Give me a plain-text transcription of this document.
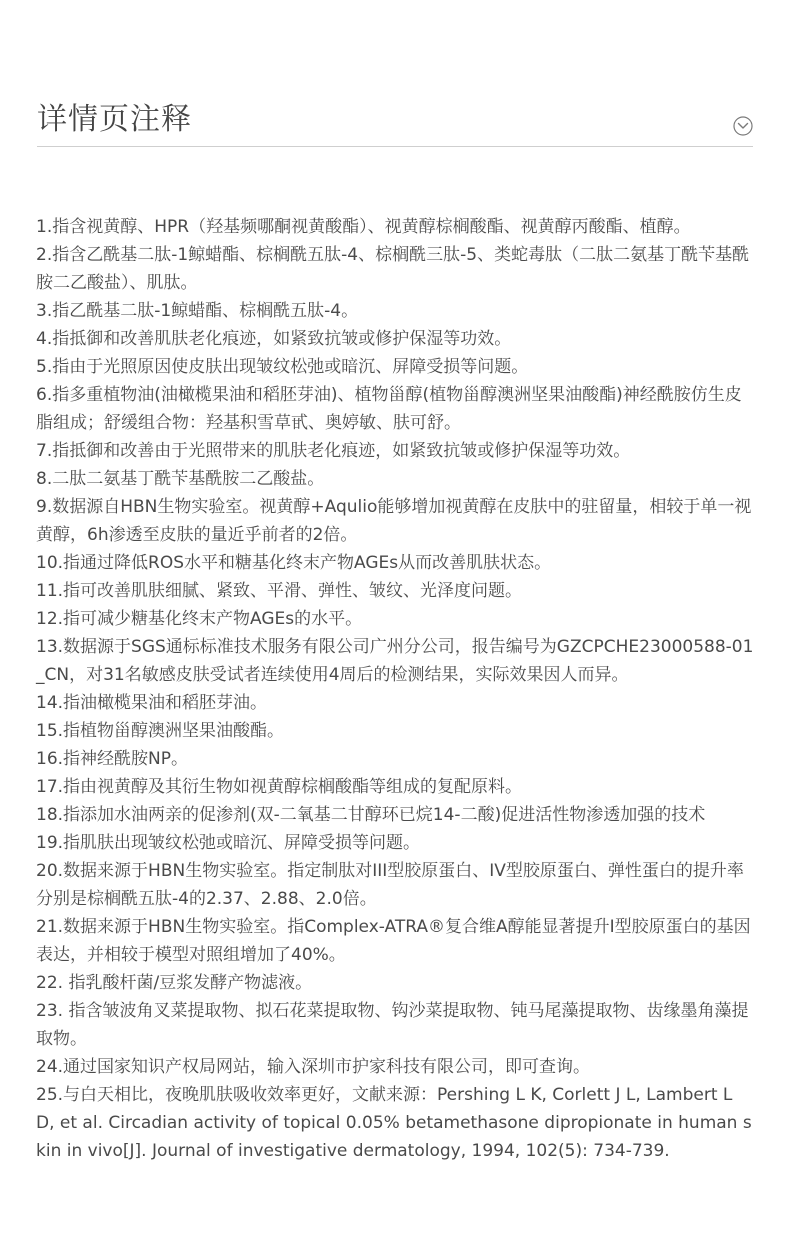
详情页注释
1.指含视黄醇、HPR（羟基频哪酮视黄酸酯）、视黄醇棕榈酸酯、视黄醇丙酸酯、植醇。
2.指含乙酰基二肽-1鲸蜡酯、棕榈酰五肽-4、棕榈酰三肽-5、类蛇毒肽（二肽二氨基丁酰苄基酰胺二乙酸盐）、肌肽。
3.指乙酰基二肽-1鲸蜡酯、棕榈酰五肽-4。
4.指抵御和改善肌肤老化痕迹，如紧致抗皱或修护保湿等功效。
5.指由于光照原因使皮肤出现皱纹松弛或暗沉、屏障受损等问题。
6.指多重植物油(油橄榄果油和稻胚芽油)、植物甾醇(植物甾醇澳洲坚果油酸酯)神经酰胺仿生皮脂组成；舒缓组合物：羟基积雪草甙、奥婷敏、肤可舒。
7.指抵御和改善由于光照带来的肌肤老化痕迹，如紧致抗皱或修护保湿等功效。
8.二肽二氨基丁酰苄基酰胺二乙酸盐。
9.数据源自HBN生物实验室。视黄醇+Aqulio能够增加视黄醇在皮肤中的驻留量，相较于单一视黄醇，6h渗透至皮肤的量近乎前者的2倍。
10.指通过降低ROS水平和糖基化终末产物AGEs从而改善肌肤状态。
11.指可改善肌肤细腻、紧致、平滑、弹性、皱纹、光泽度问题。
12.指可减少糖基化终末产物AGEs的水平。
13.数据源于SGS通标标准技术服务有限公司广州分公司，报告编号为GZCPCHE23000588-01_CN，对31名敏感皮肤受试者连续使用4周后的检测结果，实际效果因人而异。
14.指油橄榄果油和稻胚芽油。
15.指植物甾醇澳洲坚果油酸酯。
16.指神经酰胺NP。
17.指由视黄醇及其衍生物如视黄醇棕榈酸酯等组成的复配原料。
18.指添加水油两亲的促渗剂(双-二氧基二甘醇环已烷14-二酸)促进活性物渗透加强的技术
19.指肌肤出现皱纹松弛或暗沉、屏障受损等问题。
20.数据来源于HBN生物实验室。指定制肽对III型胶原蛋白、IV型胶原蛋白、弹性蛋白的提升率分别是棕榈酰五肽-4的2.37、2.88、2.0倍。
21.数据来源于HBN生物实验室。指Complex-ATRA®复合维A醇能显著提升I型胶原蛋白的基因表达，并相较于模型对照组增加了40%。
22. 指乳酸杆菌/豆浆发酵产物滤液。
23. 指含皱波角叉菜提取物、拟石花菜提取物、钩沙菜提取物、钝马尾藻提取物、齿缘墨角藻提取物。
24.通过国家知识产权局网站，输入深圳市护家科技有限公司，即可查询。
25.与白天相比，夜晚肌肤吸收效率更好，文献来源：Pershing L K, Corlett J L, Lambert L D, et al. Circadian activity of topical 0.05% betamethasone dipropionate in human skin in vivo[J]. Journal of investigative dermatology, 1994, 102(5): 734-739.
